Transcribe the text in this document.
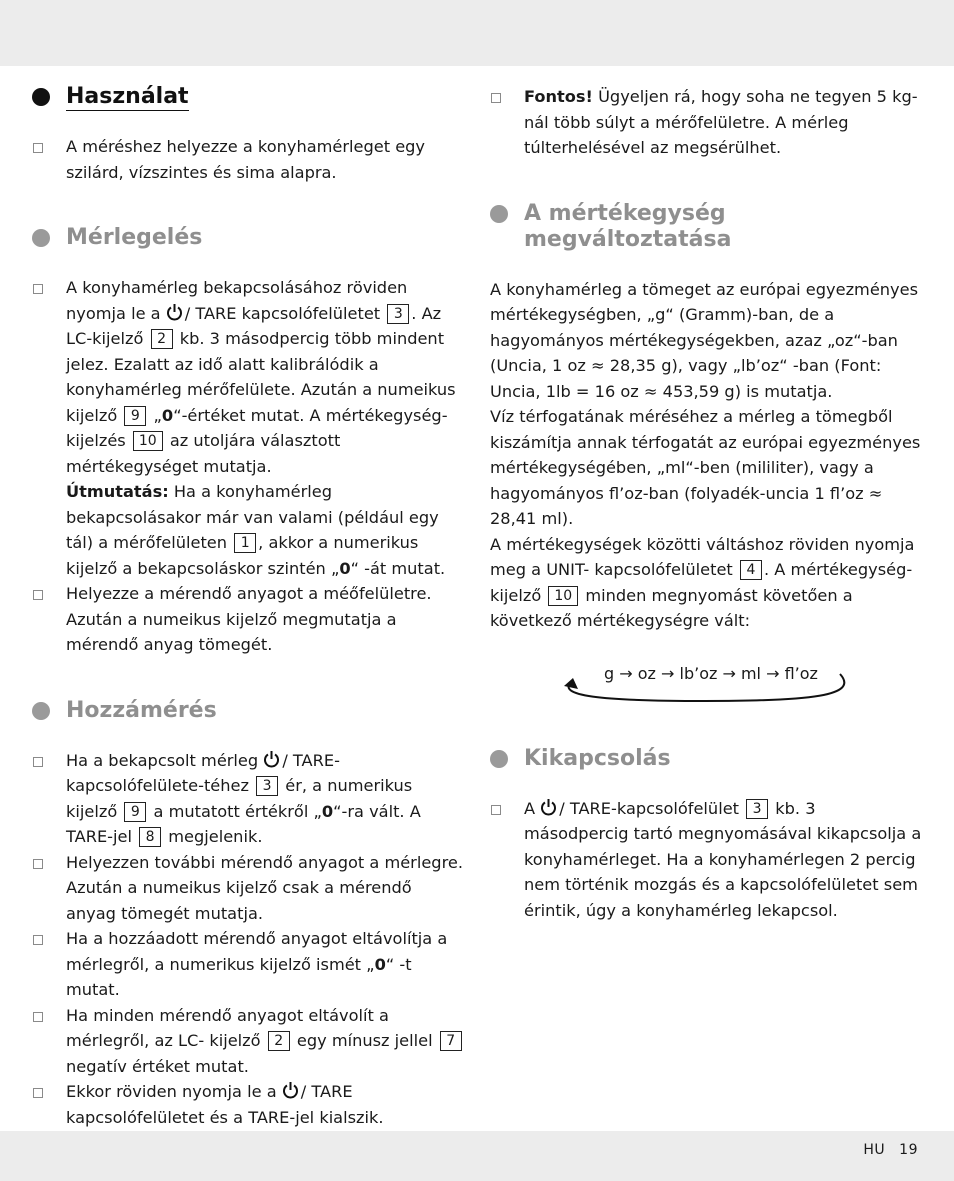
Használat
A méréshez helyezze a konyhamérleget egy szilárd, vízszintes és sima alapra.
Mérlegelés
A konyhamérleg bekapcsolásához röviden nyomja le a / TARE kapcsolófelületet 3 . Az LC-kijelző 2 kb. 3 másodpercig több mindent jelez. Ezalatt az idő alatt kalibrálódik a konyhamérleg mérőfelülete. Azután a numeikus kijelző 9 „0“-értéket mutat. A mértékegység-kijelzés 10 az utoljára választott mértékegységet mutatja.
Útmutatás: Ha a konyhamérleg bekapcsolásakor már van valami (például egy tál) a mérőfelületen 1 , akkor a numerikus kijelző a bekapcsoláskor szintén „0“ -át mutat.
Helyezze a mérendő anyagot a méőfelületre. Azután a numeikus kijelző megmutatja a mérendő anyag tömegét.
Hozzámérés
Ha a bekapcsolt mérleg / TARE-kapcsolófelülete-téhez 3 ér, a numerikus kijelző 9 a mutatott értékről „0“-ra vált. A TARE-jel 8 megjelenik.
Helyezzen további mérendő anyagot a mérlegre. Azután a numeikus kijelző csak a mérendő anyag tömegét mutatja.
Ha a hozzáadott mérendő anyagot eltávolítja a mérlegről, a numerikus kijelző ismét „0“ -t mutat.
Ha minden mérendő anyagot eltávolít a mérlegről, az LC- kijelző 2 egy mínusz jellel 7 negatív értéket mutat.
Ekkor röviden nyomja le a / TARE kapcsolófelületet és a TARE-jel kialszik.
Fontos! Ügyeljen rá, hogy soha ne tegyen 5 kg-nál több súlyt a mérőfelületre. A mérleg túlterhelésével az megsérülhet.
A mértékegység
megváltoztatása
A konyhamérleg a tömeget az európai egyezményes mértékegységben, „g“ (Gramm)-ban, de a hagyományos mértékegységekben, azaz „oz“-ban (Uncia, 1 oz ≈ 28,35 g), vagy „lb’oz“ -ban (Font: Uncia, 1lb = 16 oz ≈ 453,59 g) is mutatja.
Víz térfogatának méréséhez a mérleg a tömegből kiszámítja annak térfogatát az európai egyezményes mértékegységében, „ml“-ben (mililiter), vagy a hagyományos fl’oz-ban (folyadék-uncia 1 fl’oz ≈ 28,41 ml).
A mértékegységek közötti váltáshoz röviden nyomja meg a UNIT- kapcsolófelületet 4 . A mértékegység-kijelző 10 minden megnyomást követően a következő mértékegységre vált:
g → oz → lb’oz → ml → fl’oz
Kikapcsolás
A / TARE-kapcsolófelület 3 kb. 3 másodpercig tartó megnyomásával kikapcsolja a konyhamérleget. Ha a konyhamérlegen 2 percig nem történik mozgás és a kapcsolófelületet sem érintik, úgy a konyhamérleg lekapcsol.
HU 19
